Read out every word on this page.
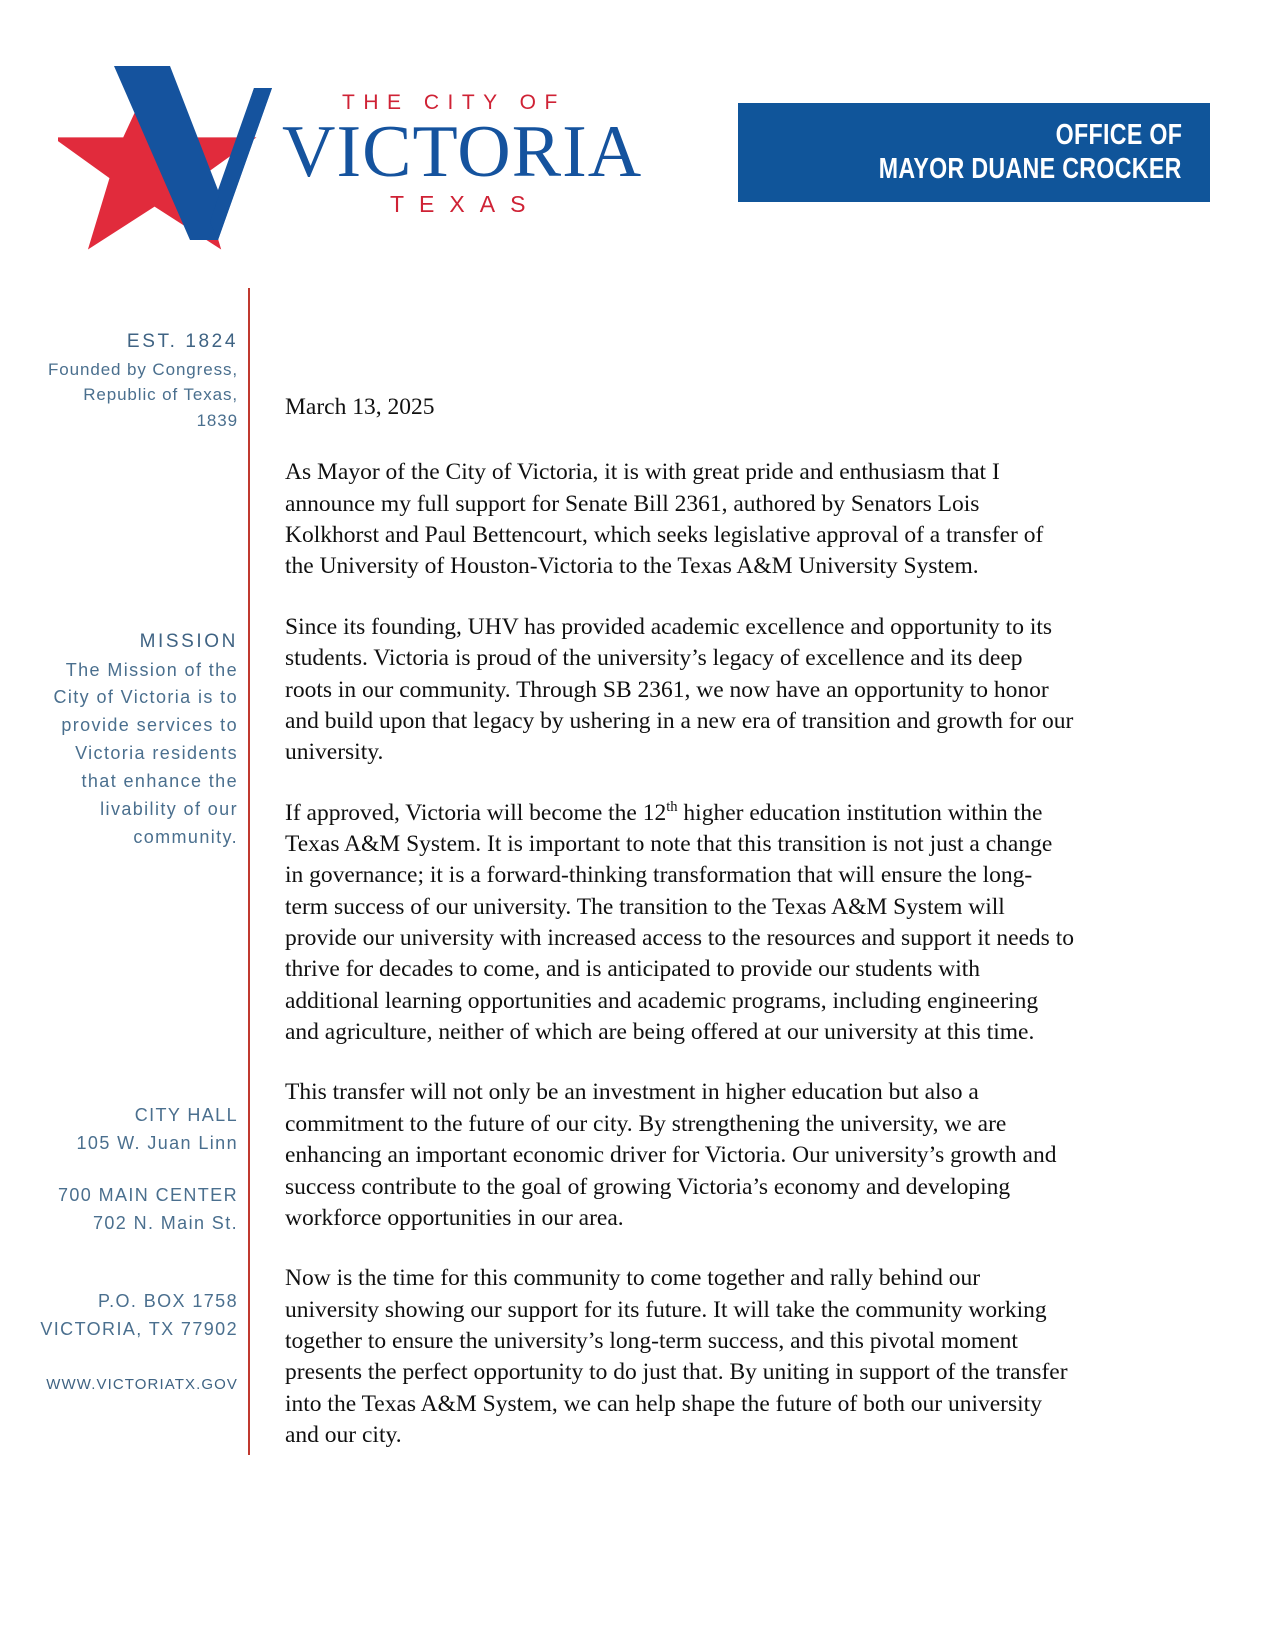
THE CITY OF
VICTORIA
TEXAS
OFFICE OF
MAYOR DUANE CROCKER
EST. 1824
Founded by Congress,
Republic of Texas,
1839
MISSION
The Mission of the
City of Victoria is to
provide services to
Victoria residents
that enhance the
livability of our
community.
CITY HALL
105 W. Juan Linn
700 MAIN CENTER
702 N. Main St.
P.O. BOX 1758
VICTORIA, TX 77902
WWW.VICTORIATX.GOV

March 13, 2025

As Mayor of the City of Victoria, it is with great pride and enthusiasm that I announce my full support for Senate Bill 2361, authored by Senators Lois Kolkhorst and Paul Bettencourt, which seeks legislative approval of a transfer of the University of Houston-Victoria to the Texas A&M University System.

Since its founding, UHV has provided academic excellence and opportunity to its students. Victoria is proud of the university’s legacy of excellence and its deep roots in our community. Through SB 2361, we now have an opportunity to honor and build upon that legacy by ushering in a new era of transition and growth for our university.

If approved, Victoria will become the 12th higher education institution within the Texas A&M System. It is important to note that this transition is not just a change in governance; it is a forward-thinking transformation that will ensure the long-term success of our university. The transition to the Texas A&M System will provide our university with increased access to the resources and support it needs to thrive for decades to come, and is anticipated to provide our students with additional learning opportunities and academic programs, including engineering and agriculture, neither of which are being offered at our university at this time.

This transfer will not only be an investment in higher education but also a commitment to the future of our city. By strengthening the university, we are enhancing an important economic driver for Victoria. Our university’s growth and success contribute to the goal of growing Victoria’s economy and developing workforce opportunities in our area.

Now is the time for this community to come together and rally behind our university showing our support for its future. It will take the community working together to ensure the university’s long-term success, and this pivotal moment presents the perfect opportunity to do just that. By uniting in support of the transfer into the Texas A&M System, we can help shape the future of both our university and our city.
